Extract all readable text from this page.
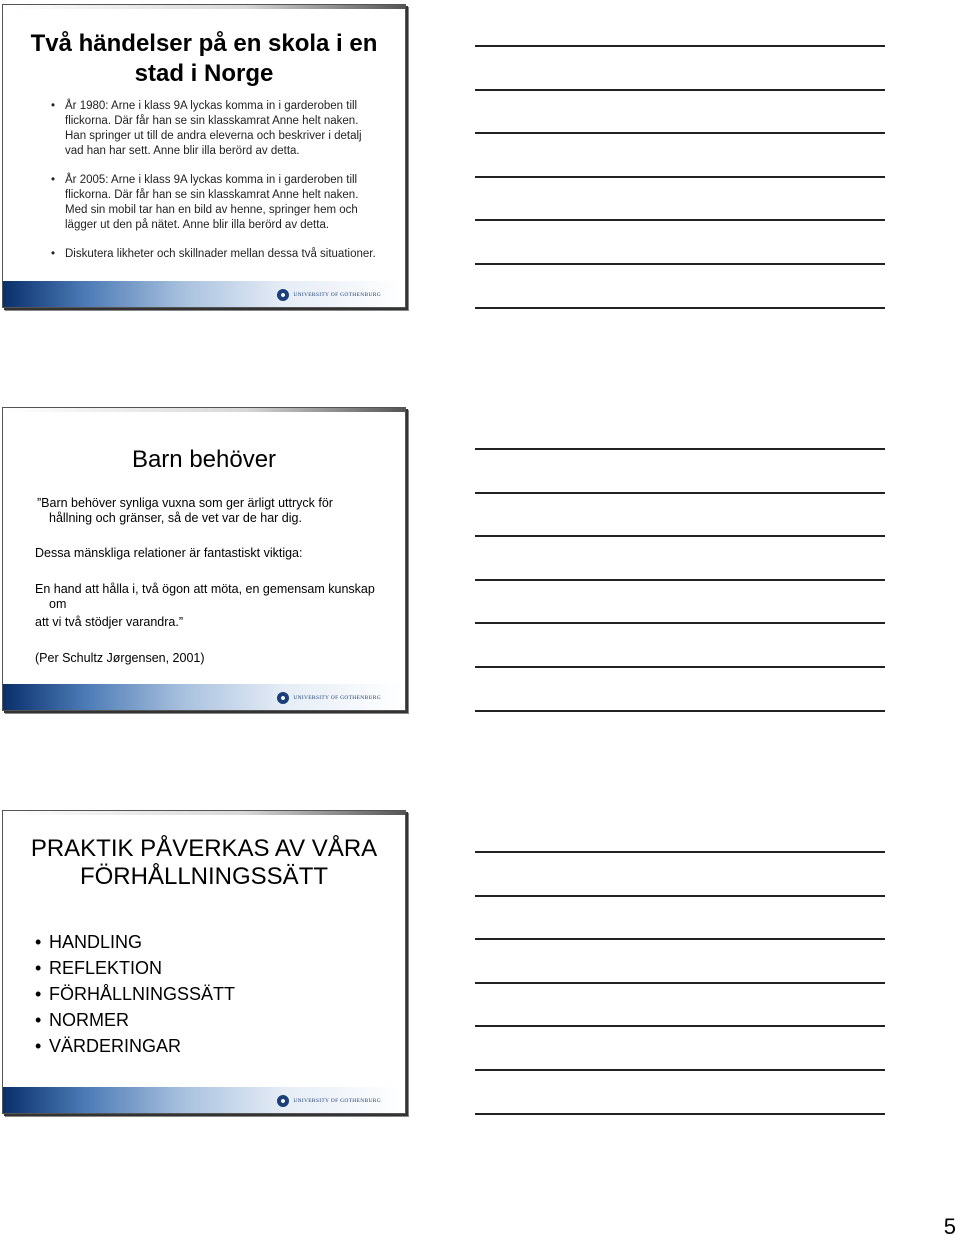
Två händelser på en skola i en stad i Norge
• År 1980: Arne i klass 9A lyckas komma in i garderoben till flickorna. Där får han se sin klasskamrat Anne helt naken. Han springer ut till de andra eleverna och beskriver i detalj vad han har sett. Anne blir illa berörd av detta.
• År 2005: Arne i klass 9A lyckas komma in i garderoben till flickorna. Där får han se sin klasskamrat Anne helt naken. Med sin mobil tar han en bild av henne, springer hem och lägger ut den på nätet. Anne blir illa berörd av detta.
• Diskutera likheter och skillnader mellan dessa två situationer.
UNIVERSITY OF GOTHENBURG
Barn behöver
”Barn behöver synliga vuxna som ger ärligt uttryck för hållning och gränser, så de vet var de har dig.
Dessa mänskliga relationer är fantastiskt viktiga:
En hand att hålla i, två ögon att möta, en gemensam kunskap om
att vi två stödjer varandra.”
(Per Schultz Jørgensen, 2001)
UNIVERSITY OF GOTHENBURG
PRAKTIK PÅVERKAS AV VÅRA FÖRHÅLLNINGSSÄTT
• HANDLING
• REFLEKTION
• FÖRHÅLLNINGSSÄTT
• NORMER
• VÄRDERINGAR
UNIVERSITY OF GOTHENBURG
5
